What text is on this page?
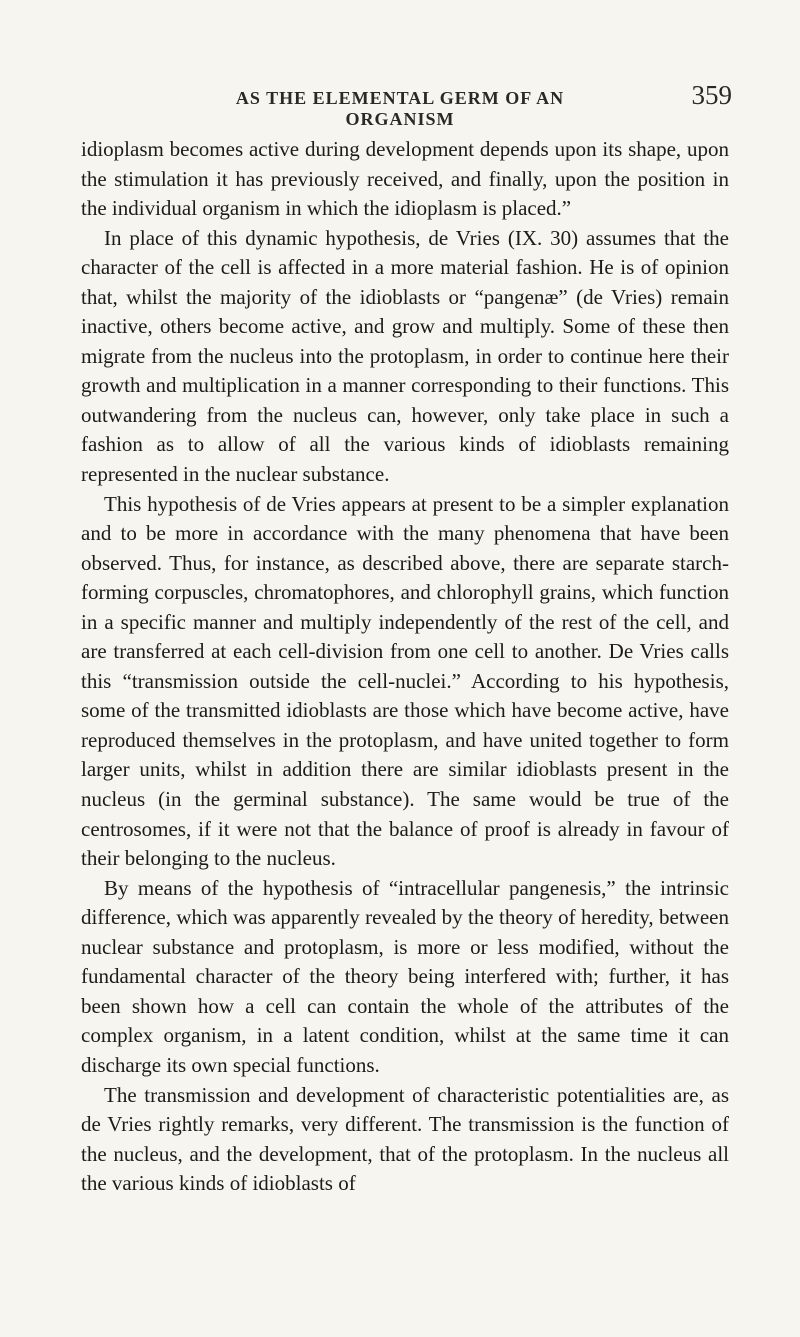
AS THE ELEMENTAL GERM OF AN ORGANISM
359

idioplasm becomes active during development depends upon its shape, upon the stimulation it has previously received, and finally, upon the position in the individual organism in which the idioplasm is placed.”

In place of this dynamic hypothesis, de Vries (IX. 30) assumes that the character of the cell is affected in a more material fashion. He is of opinion that, whilst the majority of the idioblasts or “pangenæ” (de Vries) remain inactive, others become active, and grow and multiply. Some of these then migrate from the nucleus into the protoplasm, in order to continue here their growth and multiplication in a manner corresponding to their functions. This outwandering from the nucleus can, however, only take place in such a fashion as to allow of all the various kinds of idioblasts remaining represented in the nuclear substance.

This hypothesis of de Vries appears at present to be a simpler explanation and to be more in accordance with the many phenomena that have been observed. Thus, for instance, as described above, there are separate starch-forming corpuscles, chromatophores, and chlorophyll grains, which function in a specific manner and multiply independently of the rest of the cell, and are transferred at each cell-division from one cell to another. De Vries calls this “transmission outside the cell-nuclei.” According to his hypothesis, some of the transmitted idioblasts are those which have become active, have reproduced themselves in the protoplasm, and have united together to form larger units, whilst in addition there are similar idioblasts present in the nucleus (in the germinal substance). The same would be true of the centrosomes, if it were not that the balance of proof is already in favour of their belonging to the nucleus.

By means of the hypothesis of “intracellular pangenesis,” the intrinsic difference, which was apparently revealed by the theory of heredity, between nuclear substance and protoplasm, is more or less modified, without the fundamental character of the theory being interfered with; further, it has been shown how a cell can contain the whole of the attributes of the complex organism, in a latent condition, whilst at the same time it can discharge its own special functions.

The transmission and development of characteristic potentialities are, as de Vries rightly remarks, very different. The transmission is the function of the nucleus, and the development, that of the protoplasm. In the nucleus all the various kinds of idioblasts of
